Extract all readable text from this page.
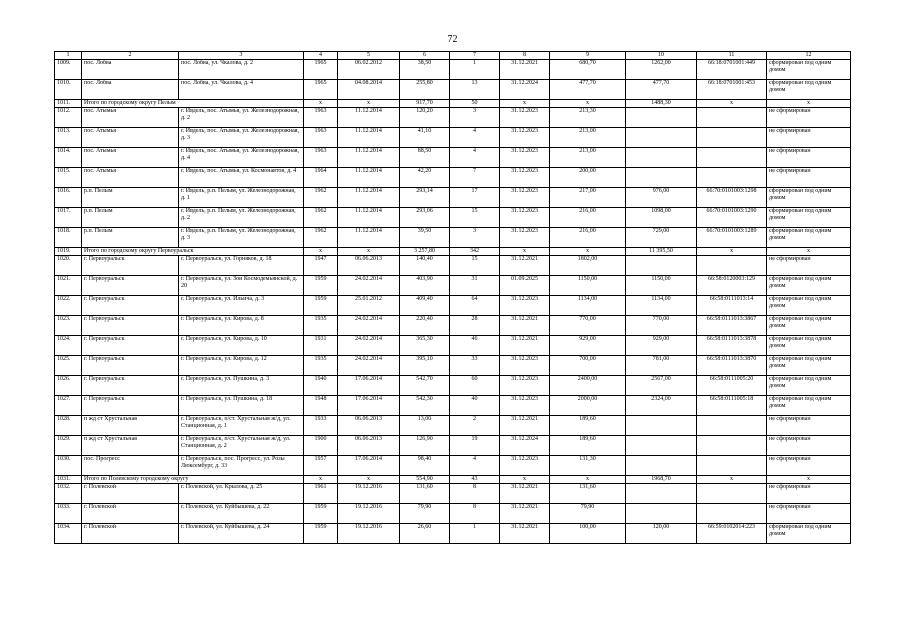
72
1	2	3	4	5	6	7	8	9	10	11	12
1009.	пос. Лобва	пос. Лобва, ул. Чкалова, д. 2	1965	06.02.2012	38,50	1	31.12.2021	680,70	1262,00	66:18:0701001:449	сформирован под одним домом
1010.	пос. Лобва	пос. Лобва, ул. Чкалова, д. 4	1965	04.08.2014	255,80	13	31.12.2024	477,70	477,70	66:18:0701001:453	сформирован под одним домом
1011.	Итого по городскому округу Пелым		x	x	917,70	50	x	x	1488,30	x	x
1012.	пос. Атымья	г. Ивдель, пос. Атымья, ул. Железнодорожная, д. 2	1963	11.12.2014	120,20	3	31.12.2023	213,30			не сформирован
1013.	пос. Атымья	г. Ивдель, пос. Атымья, ул. Железнодорожная, д. 3	1963	11.12.2014	41,10	4	31.12.2023	213,00			не сформирован
1014.	пос. Атымья	г. Ивдель, пос. Атымья, ул. Железнодорожная, д. 4	1963	11.12.2014	88,50	4	31.12.2023	213,00			не сформирован
1015.	пос. Атымья	г. Ивдель, пос. Атымья, ул. Космонавтов, д. 4	1964	11.12.2014	42,20	7	31.12.2023	200,00			не сформирован
1016.	р.п. Пелым	г. Ивдель, р.п. Пелым, ул. Железнодорожная, д. 1	1962	11.12.2014	293,14	17	31.12.2023	217,00	976,00	66:70:0101003:1298	сформирован под одним домом
1017.	р.п. Пелым	г. Ивдель, р.п. Пелым, ул. Железнодорожная, д. 2	1962	11.12.2014	293,06	15	31.12.2023	216,00	1098,00	66:70:0101003:1290	сформирован под одним домом
1018.	р.п. Пелым	г. Ивдель, р.п. Пелым, ул. Железнодорожная, д. 3	1962	11.12.2014	39,50	3	31.12.2023	216,00	729,00	66:70:0101003:1289	сформирован под одним домом
1019.	Итого по городскому округу Первоуральск		x	x	3 257,80	342	x	x	11 395,50	x	x
1020.	г. Первоуральск	г. Первоуральск, ул. Горняков, д. 18	1947	06.06.2013	140,40	15	31.12.2021	1802,00			не сформирован
1021.	г. Первоуральск	г. Первоуральск, ул. Зои Космодемьянской, д. 20	1959	24.02.2014	403,90	31	01.09.2025	1150,00	1150,00	66:58:0120003:129	сформирован под одним домом
1022.	г. Первоуральск	г. Первоуральск, ул. Ильича, д. 3	1959	25.01.2012	409,40	64	31.12.2023	1134,00	1134,00	66:58:0111013:14	сформирован под одним домом
1023.	г. Первоуральск	г. Первоуральск, ул. Кирова, д. 8	1935	24.02.2014	220,40	28	31.12.2021	770,00	770,00	66:58:0111013:3867	сформирован под одним домом
1024.	г. Первоуральск	г. Первоуральск, ул. Кирова, д. 10	1931	24.02.2014	365,30	46	31.12.2021	929,00	929,00	66:58:0111013:3878	сформирован под одним домом
1025.	г. Первоуральск	г. Первоуральск, ул. Кирова, д. 12	1935	24.02.2014	395,10	33	31.12.2023	700,00	781,00	66:58:0111013:3870	сформирован под одним домом
1026.	г. Первоуральск	г. Первоуральск, ул. Пушкина, д. 3	1940	17.06.2014	542,70	60	31.12.2023	2400,00	2567,00	66:58:0111005:20	сформирован под одним домом
1027.	г. Первоуральск	г. Первоуральск, ул. Пушкина, д. 18	1948	17.06.2014	542,30	40	31.12.2023	2000,00	2324,00	66:58:0111005:18	сформирован под одним домом
1028.	п жд ст Хрустальная	г. Первоуральск, п/ст. Хрустальная ж/д, ул. Станционная, д. 1	1933	06.06.2013	13,00	2	31.12.2021	189,60			не сформирован
1029.	п жд ст Хрустальная	г. Первоуральск, п/ст. Хрустальная ж/д, ул. Станционная, д. 2	1900	06.06.2013	126,90	19	31.12.2024	189,60			не сформирован
1030.	пос. Прогресс	г. Первоуральск, пос. Прогресс, ул. Розы Люксембург, д. 33	1957	17.06.2014	98,40	4	31.12.2023	131,30			не сформирован
1031.	Итого по Полевскому городскому округу		x	x	554,90	43	x	x	1968,70	x	x
1032.	г. Полевской	г. Полевской, ул. Крылова, д. 25	1961	19.12.2016	131,60	8	31.12.2021	131,60			не сформирован
1033.	г. Полевской	г. Полевской, ул. Куйбышева, д. 22	1959	19.12.2016	79,90	8	31.12.2021	79,90			не сформирован
1034.	г. Полевской	г. Полевской, ул. Куйбышева, д. 24	1959	19.12.2016	26,60	1	31.12.2021	100,00	120,00	66:59:0102014:223	сформирован под одним домом
